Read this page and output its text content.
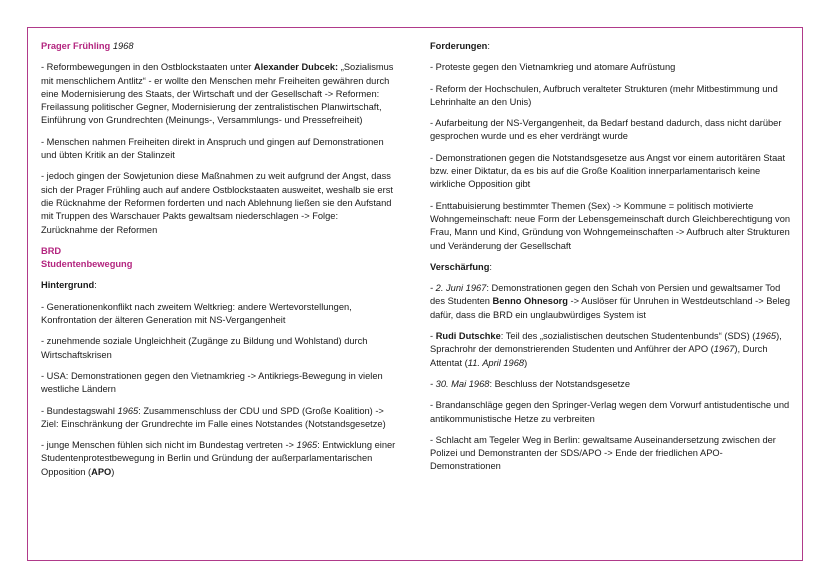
Prager Frühling 1968

- Reformbewegungen in den Ostblockstaaten unter Alexander Dubcek: „Sozialismus mit menschlichem Antlitz“ - er wollte den Menschen mehr Freiheiten gewähren durch eine Modernisierung des Staats, der Wirtschaft und der Gesellschaft -> Reformen: Freilassung politischer Gegner, Modernisierung der zentralistischen Planwirtschaft, Einführung von Grundrechten (Meinungs-, Versammlungs- und Pressefreiheit)

- Menschen nahmen Freiheiten direkt in Anspruch und gingen auf Demonstrationen und übten Kritik an der Stalinzeit

- jedoch gingen der Sowjetunion diese Maßnahmen zu weit aufgrund der Angst, dass sich der Prager Frühling auch auf andere Ostblockstaaten ausweitet, weshalb sie erst die Rücknahme der Reformen forderten und nach Ablehnung ließen sie den Aufstand mit Truppen des Warschauer Pakts gewaltsam niederschlagen -> Folge: Zurücknahme der Reformen

BRD

Studentenbewegung

Hintergrund:

- Generationenkonflikt nach zweitem Weltkrieg: andere Wertevorstellungen, Konfrontation der älteren Generation mit NS-Vergangenheit

- zunehmende soziale Ungleichheit (Zugänge zu Bildung und Wohlstand) durch Wirtschaftskrisen

- USA: Demonstrationen gegen den Vietnamkrieg -> Antikriegs-Bewegung in vielen westliche Ländern

- Bundestagswahl 1965: Zusammenschluss der CDU und SPD (Große Koalition) -> Ziel: Einschränkung der Grundrechte im Falle eines Notstandes (Notstandsgesetze)

- junge Menschen fühlen sich nicht im Bundestag vertreten -> 1965: Entwicklung einer Studentenprotestbewegung in Berlin und Gründung der außerparlamentarischen Opposition (APO)

Forderungen:

- Proteste gegen den Vietnamkrieg und atomare Aufrüstung

- Reform der Hochschulen, Aufbruch veralteter Strukturen (mehr Mitbestimmung und Lehrinhalte an den Unis)

- Aufarbeitung der NS-Vergangenheit, da Bedarf bestand dadurch, dass nicht darüber gesprochen wurde und es eher verdrängt wurde

- Demonstrationen gegen die Notstandsgesetze aus Angst vor einem autoritären Staat bzw. einer Diktatur, da es bis auf die Große Koalition innerparlamentarisch keine wirkliche Opposition gibt

- Enttabuisierung bestimmter Themen (Sex) -> Kommune = politisch motivierte Wohngemeinschaft: neue Form der Lebensgemeinschaft durch Gleichberechtigung von Frau, Mann und Kind, Gründung von Wohngemeinschaften -> Aufbruch alter Strukturen und Veränderung der Gesellschaft

Verschärfung:

- 2. Juni 1967: Demonstrationen gegen den Schah von Persien und gewaltsamer Tod des Studenten Benno Ohnesorg -> Auslöser für Unruhen in Westdeutschland -> Beleg dafür, dass die BRD ein unglaubwürdiges System ist

- Rudi Dutschke: Teil des „sozialistischen deutschen Studentenbunds“ (SDS) (1965), Sprachrohr der demonstrierenden Studenten und Anführer der APO (1967), Durch Attentat (11. April 1968)

- 30. Mai 1968: Beschluss der Notstandsgesetze

- Brandanschläge gegen den Springer-Verlag wegen dem Vorwurf antistudentische und antikommunistische Hetze zu verbreiten

- Schlacht am Tegeler Weg in Berlin: gewaltsame Auseinandersetzung zwischen der Polizei und Demonstranten der SDS/APO -> Ende der friedlichen APO-Demonstrationen
